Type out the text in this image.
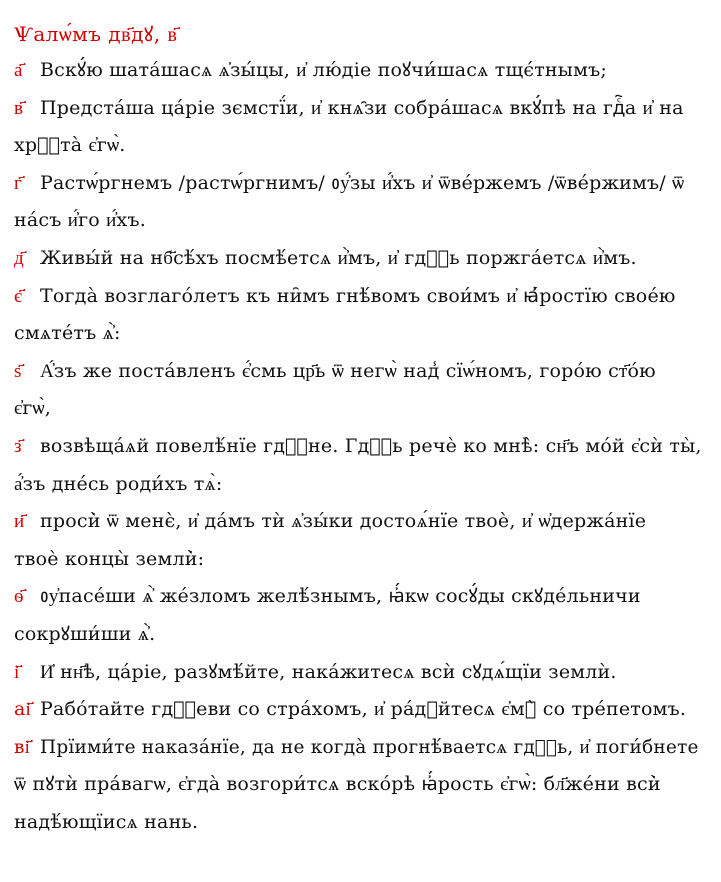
Ѱалѡ́мъ дв҃дꙋ, в҃
а҃ Вскꙋ́ю шата́шасѧ ѧ҆зы́цы, и҆ лю́діе поꙋчи́шасѧ тщє́тнымъ;
в҃ Предста́ша ца́ріе зємстї́и, и҆ кнѧ̑зи собра́шасѧ вкꙋ́пѣ на гдⷭ҇а и҆ на
хрⷭ҇та̀ є҆гѡ̀.
г҃ Растѡ́ргнемъ /растѡ́ргнимъ/ ᲂу҆́зы и҆́хъ и҆ ѿве́ржемъ /ѿве́ржимъ/ ѿ
на́съ и҆́го и҆́хъ.
д҃ Живы́й на нб҃сѣ́хъ посмѣ́етсѧ и҆̀мъ, и҆ гдⷭ҇ь поржга́етсѧ и҆̀мъ.
є҃ Тогда̀ возглаго́летъ къ ни̑мъ гнѣ́вомъ свои́мъ и҆ ꙗ҆́ростїю свое́ю
смѧте́тъ ѧ҆̀:
ѕ҃ А҆́зъ же поста́вленъ є҆́смь цр҃ь ѿ негѡ̀ над̾ сїѡ́номъ, горо́ю ст҃о́ю
є҆гѡ̀,
з҃ возвѣща́ѧй повелѣ́нїе гдⷭ҇не. Гдⷭ҇ь речѐ ко мнѣ̀: сн҃ъ мо́й є҆сѝ ты̀,
а҆́зъ дне́сь роди́хъ тѧ̀:
и҃ проси̇̀ ѿ менє̀, и҆ да́мъ тѝ ѧ҆зы́ки достоѧ́нїе твоѐ, и҆ ѡ҆держа́нїе
твоѐ концы̀ земли̇̀:
ѳ҃ ᲂу҆пасе́ши ѧ҆̀ же́зломъ желѣ́знымъ, ꙗ҆́кѡ сосꙋ́ды скꙋде́льничи
сокрꙋши́ши ѧ҆̀.
і҃ И҆ нн҃ѣ, ца́ріе, разꙋмѣ́йте, нака́житесѧ всѝ сꙋдѧ́щїи землѝ.
аі҃ Рабо́тайте гдⷭ҇еви со стра́хомъ, и҆ ра́дꙋйтесѧ є҆мꙋ̀ со тре́петомъ.
ві҃ Прїими́те наказа́нїе, да не когда̀ прогнѣ́ваетсѧ гдⷭ҇ь, и҆ поги́бнете
ѿ пꙋтѝ пра́вагѡ, є҆гда̀ возгори́тсѧ вско́рѣ ꙗ҆́рость є҆гѡ̀: бл҃же́ни вси̇̀
надѣ́ющїисѧ нань.
